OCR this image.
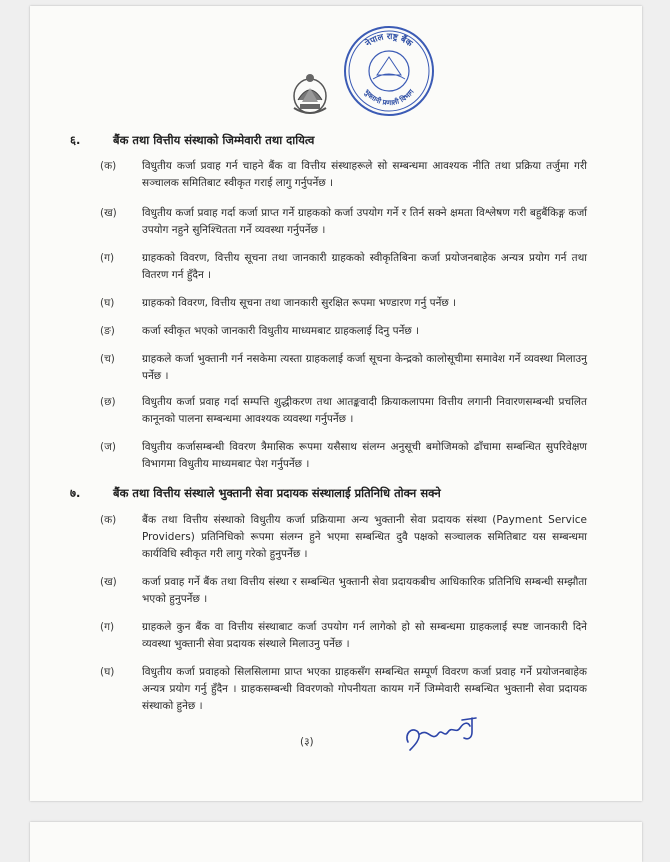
नेपाल राष्ट्र बैंक
भुक्तानी प्रणाली विभाग
६.	बैंक तथा वित्तीय संस्थाको जिम्मेवारी तथा दायित्व
(क)	विधुतीय कर्जा प्रवाह गर्न चाहने बैंक वा वित्तीय संस्थाहरूले सो सम्बन्धमा आवश्यक नीति तथा प्रक्रिया तर्जुमा गरी सञ्चालक समितिबाट स्वीकृत गराई लागु गर्नुपर्नेछ ।
(ख)	विधुतीय कर्जा प्रवाह गर्दा कर्जा प्राप्त गर्ने ग्राहकको कर्जा उपयोग गर्ने र तिर्न सक्ने क्षमता विश्लेषण गरी बहुबैंकिङ्ग कर्जा उपयोग नहुने सुनिश्चितता गर्ने व्यवस्था गर्नुपर्नेछ ।
(ग)	ग्राहकको विवरण, वित्तीय सूचना तथा जानकारी ग्राहकको स्वीकृतिबिना कर्जा प्रयोजनबाहेक अन्यत्र प्रयोग गर्न तथा वितरण गर्न हुँदैन ।
(घ)	ग्राहकको विवरण, वित्तीय सूचना तथा जानकारी सुरक्षित रूपमा भण्डारण गर्नु पर्नेछ ।
(ङ)	कर्जा स्वीकृत भएको जानकारी विधुतीय माध्यमबाट ग्राहकलाई दिनु पर्नेछ ।
(च)	ग्राहकले कर्जा भुक्तानी गर्न नसकेमा त्यस्ता ग्राहकलाई कर्जा सूचना केन्द्रको कालोसूचीमा समावेश गर्ने व्यवस्था मिलाउनु पर्नेछ ।
(छ)	विधुतीय कर्जा प्रवाह गर्दा सम्पत्ति शुद्धीकरण तथा आतङ्कवादी क्रियाकलापमा वित्तीय लगानी निवारणसम्बन्धी प्रचलित कानूनको पालना सम्बन्धमा आवश्यक व्यवस्था गर्नुपर्नेछ ।
(ज)	विधुतीय कर्जासम्बन्धी विवरण त्रैमासिक रूपमा यसैसाथ संलग्न अनुसूची बमोजिमको ढाँचामा सम्बन्धित सुपरिवेक्षण विभागमा विधुतीय माध्यमबाट पेश गर्नुपर्नेछ ।
७.	बैंक तथा वित्तीय संस्थाले भुक्तानी सेवा प्रदायक संस्थालाई प्रतिनिधि तोक्न सक्ने
(क)	बैंक तथा वित्तीय संस्थाको विधुतीय कर्जा प्रक्रियामा अन्य भुक्तानी सेवा प्रदायक संस्था (Payment Service Providers) प्रतिनिधिको रूपमा संलग्न हुने भएमा सम्बन्धित दुवै पक्षको सञ्चालक समितिबाट यस सम्बन्धमा कार्यविधि स्वीकृत गरी लागु गरेको हुनुपर्नेछ ।
(ख)	कर्जा प्रवाह गर्ने बैंक तथा वित्तीय संस्था र सम्बन्धित भुक्तानी सेवा प्रदायकबीच आधिकारिक प्रतिनिधि सम्बन्धी सम्झौता भएको हुनुपर्नेछ ।
(ग)	ग्राहकले कुन बैंक वा वित्तीय संस्थाबाट कर्जा उपयोग गर्न लागेको हो सो सम्बन्धमा ग्राहकलाई स्पष्ट जानकारी दिने व्यवस्था भुक्तानी सेवा प्रदायक संस्थाले मिलाउनु पर्नेछ ।
(घ)	विधुतीय कर्जा प्रवाहको सिलसिलामा प्राप्त भएका ग्राहकसँग सम्बन्धित सम्पूर्ण विवरण कर्जा प्रवाह गर्ने प्रयोजनबाहेक अन्यत्र प्रयोग गर्नु हुँदैन । ग्राहकसम्बन्धी विवरणको गोपनीयता कायम गर्ने जिम्मेवारी सम्बन्धित भुक्तानी सेवा प्रदायक संस्थाको हुनेछ ।
(३)
